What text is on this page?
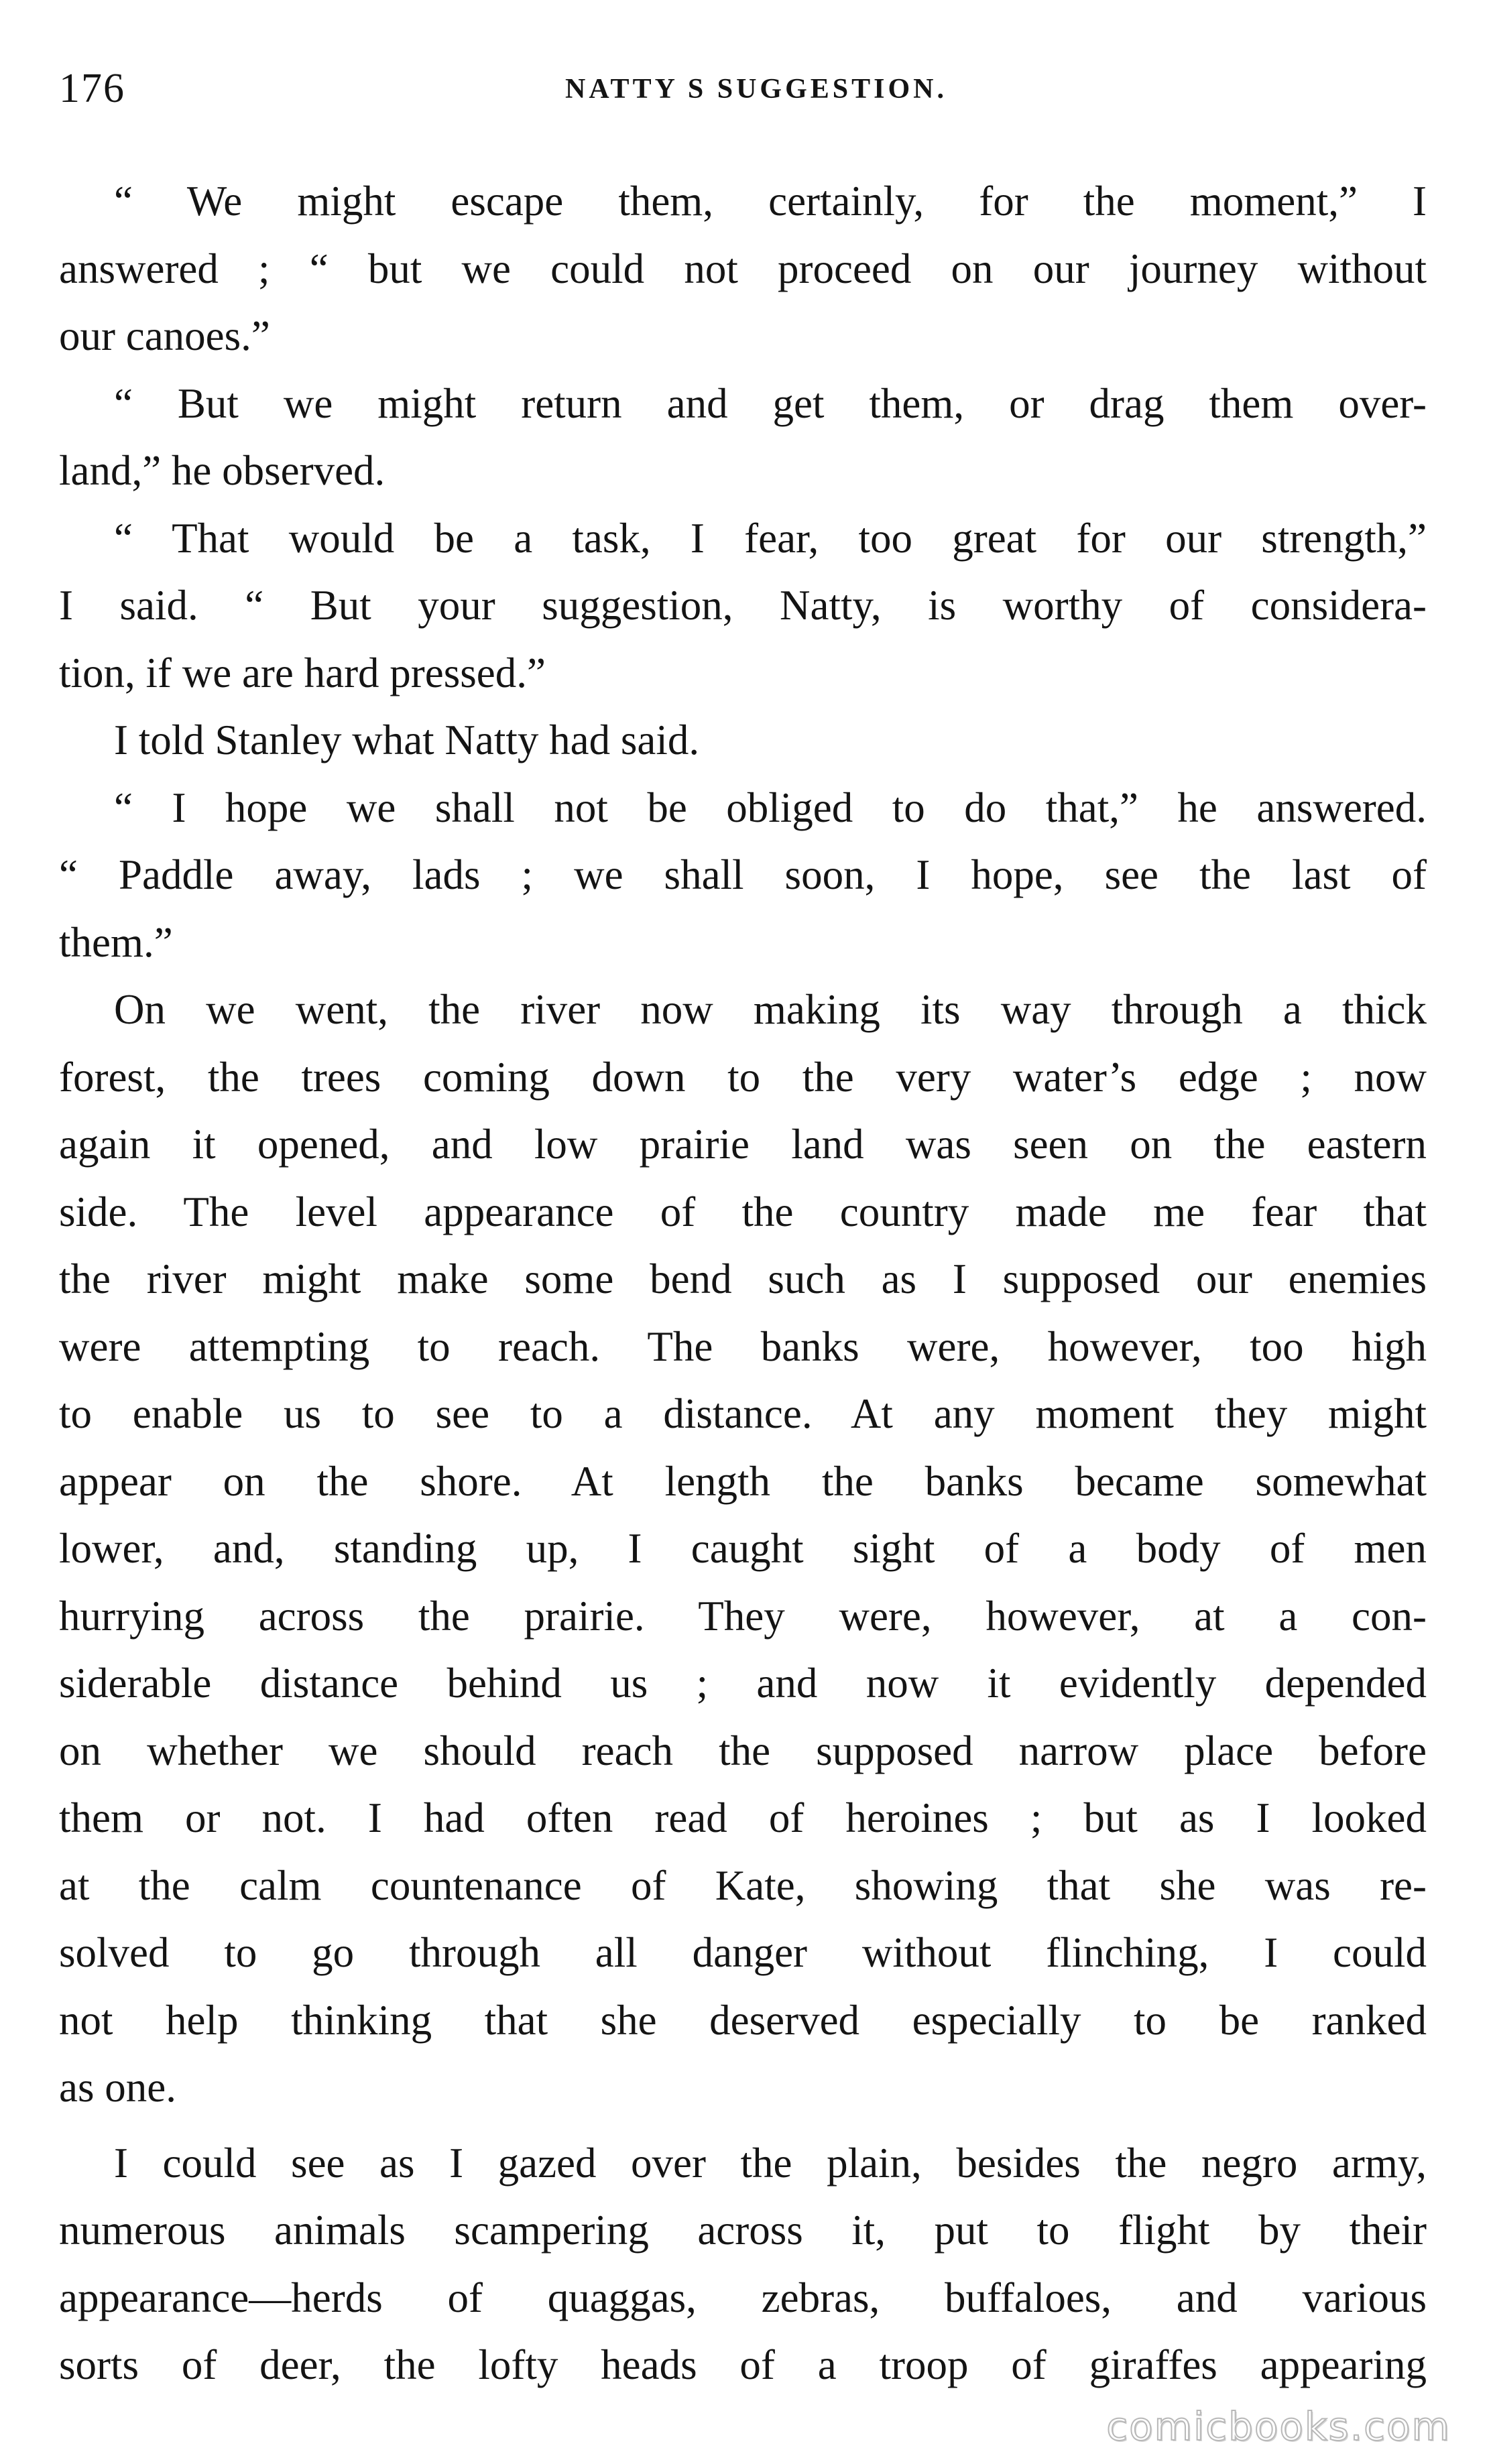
176	NATTY S SUGGESTION.
“ We might escape them, certainly, for the moment,” I
answered ; “ but we could not proceed on our journey without
our canoes.”
“ But we might return and get them, or drag them over-
land,” he observed.
“ That would be a task, I fear, too great for our strength,”
I said. “ But your suggestion, Natty, is worthy of considera-
tion, if we are hard pressed.”
I told Stanley what Natty had said.
“ I hope we shall not be obliged to do that,” he answered.
“ Paddle away, lads ; we shall soon, I hope, see the last of
them.”
On we went, the river now making its way through a thick
forest, the trees coming down to the very water’s edge ; now
again it opened, and low prairie land was seen on the eastern
side. The level appearance of the country made me fear that
the river might make some bend such as I supposed our enemies
were attempting to reach. The banks were, however, too high
to enable us to see to a distance. At any moment they might
appear on the shore. At length the banks became somewhat
lower, and, standing up, I caught sight of a body of men
hurrying across the prairie. They were, however, at a con-
siderable distance behind us ; and now it evidently depended
on whether we should reach the supposed narrow place before
them or not. I had often read of heroines ; but as I looked
at the calm countenance of Kate, showing that she was re-
solved to go through all danger without flinching, I could
not help thinking that she deserved especially to be ranked
as one.
I could see as I gazed over the plain, besides the negro army,
numerous animals scampering across it, put to flight by their
appearance—herds of quaggas, zebras, buffaloes, and various
sorts of deer, the lofty heads of a troop of giraffes appearing
comicbooks.com
